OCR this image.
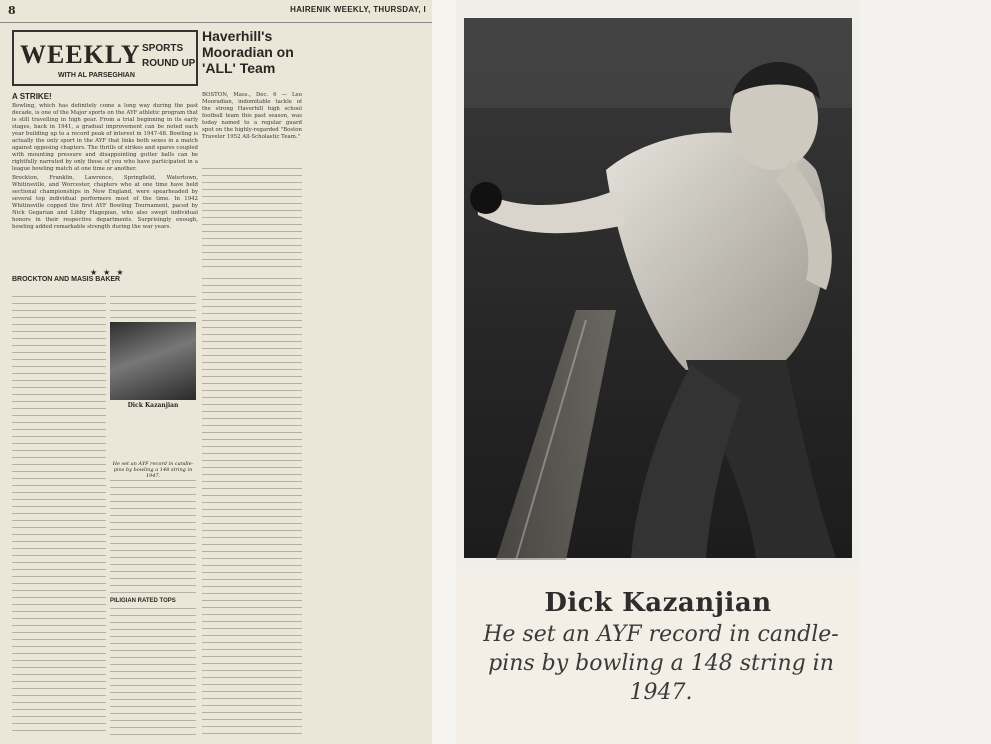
8	HAIRENIK WEEKLY, THURSDAY, I
WEEKLY SPORTS
ROUND UP
WITH AL PARSEGHIAN
Haverhill's Mooradian on 'ALL' Team
A STRIKE!
Bowling, which has definitely come a long way during the past decade, is one of the Major sports on the AYF athletic program that is still travelling in high gear. From a trial beginning in its early stages, back in 1941, a gradual improvement can be noted each year building up to a record peak of interest in 1947-48. Bowling is actually the only sport in the AYF that links both sexes in a match against opposing chapters. The thrills of strikes and spares coupled with mounting pressure and disappointing gutter balls can be rightfully narrated by only those of you who have participated in a league bowling match at one time or another.
Brockton, Franklin, Lawrence, Springfield, Watertown, Whitinsville, and Worcester, chapters who at one time have held sectional championships in New England, were spearheaded by several top individual performers most of the time. In 1942 Whitinsville copped the first AYF Bowling Tournament, paced by Nick Gegarian and Libby Hagopian, who also swept individual honors in their respective departments. Surprisingly enough, bowling added remarkable strength during the war years.
BOSTON, Mass., Dec. 6 — Leo Mooradian, indomitable tackle of the strong Haverhill high school football team this past season, was today named to a regular guard spot on the highly-regarded "Boston Traveler 1952 All-Scholastic Team."
★★★
BROCKTON AND MASIS BAKER
Dick Kazanjian
He set an AYF record in candle-pins by bowling a 148 string in 1947.
PILIGIAN RATED TOPS	Dick Kazanjian
He set an AYF record in candle-pins by bowling a 148 string in 1947.
